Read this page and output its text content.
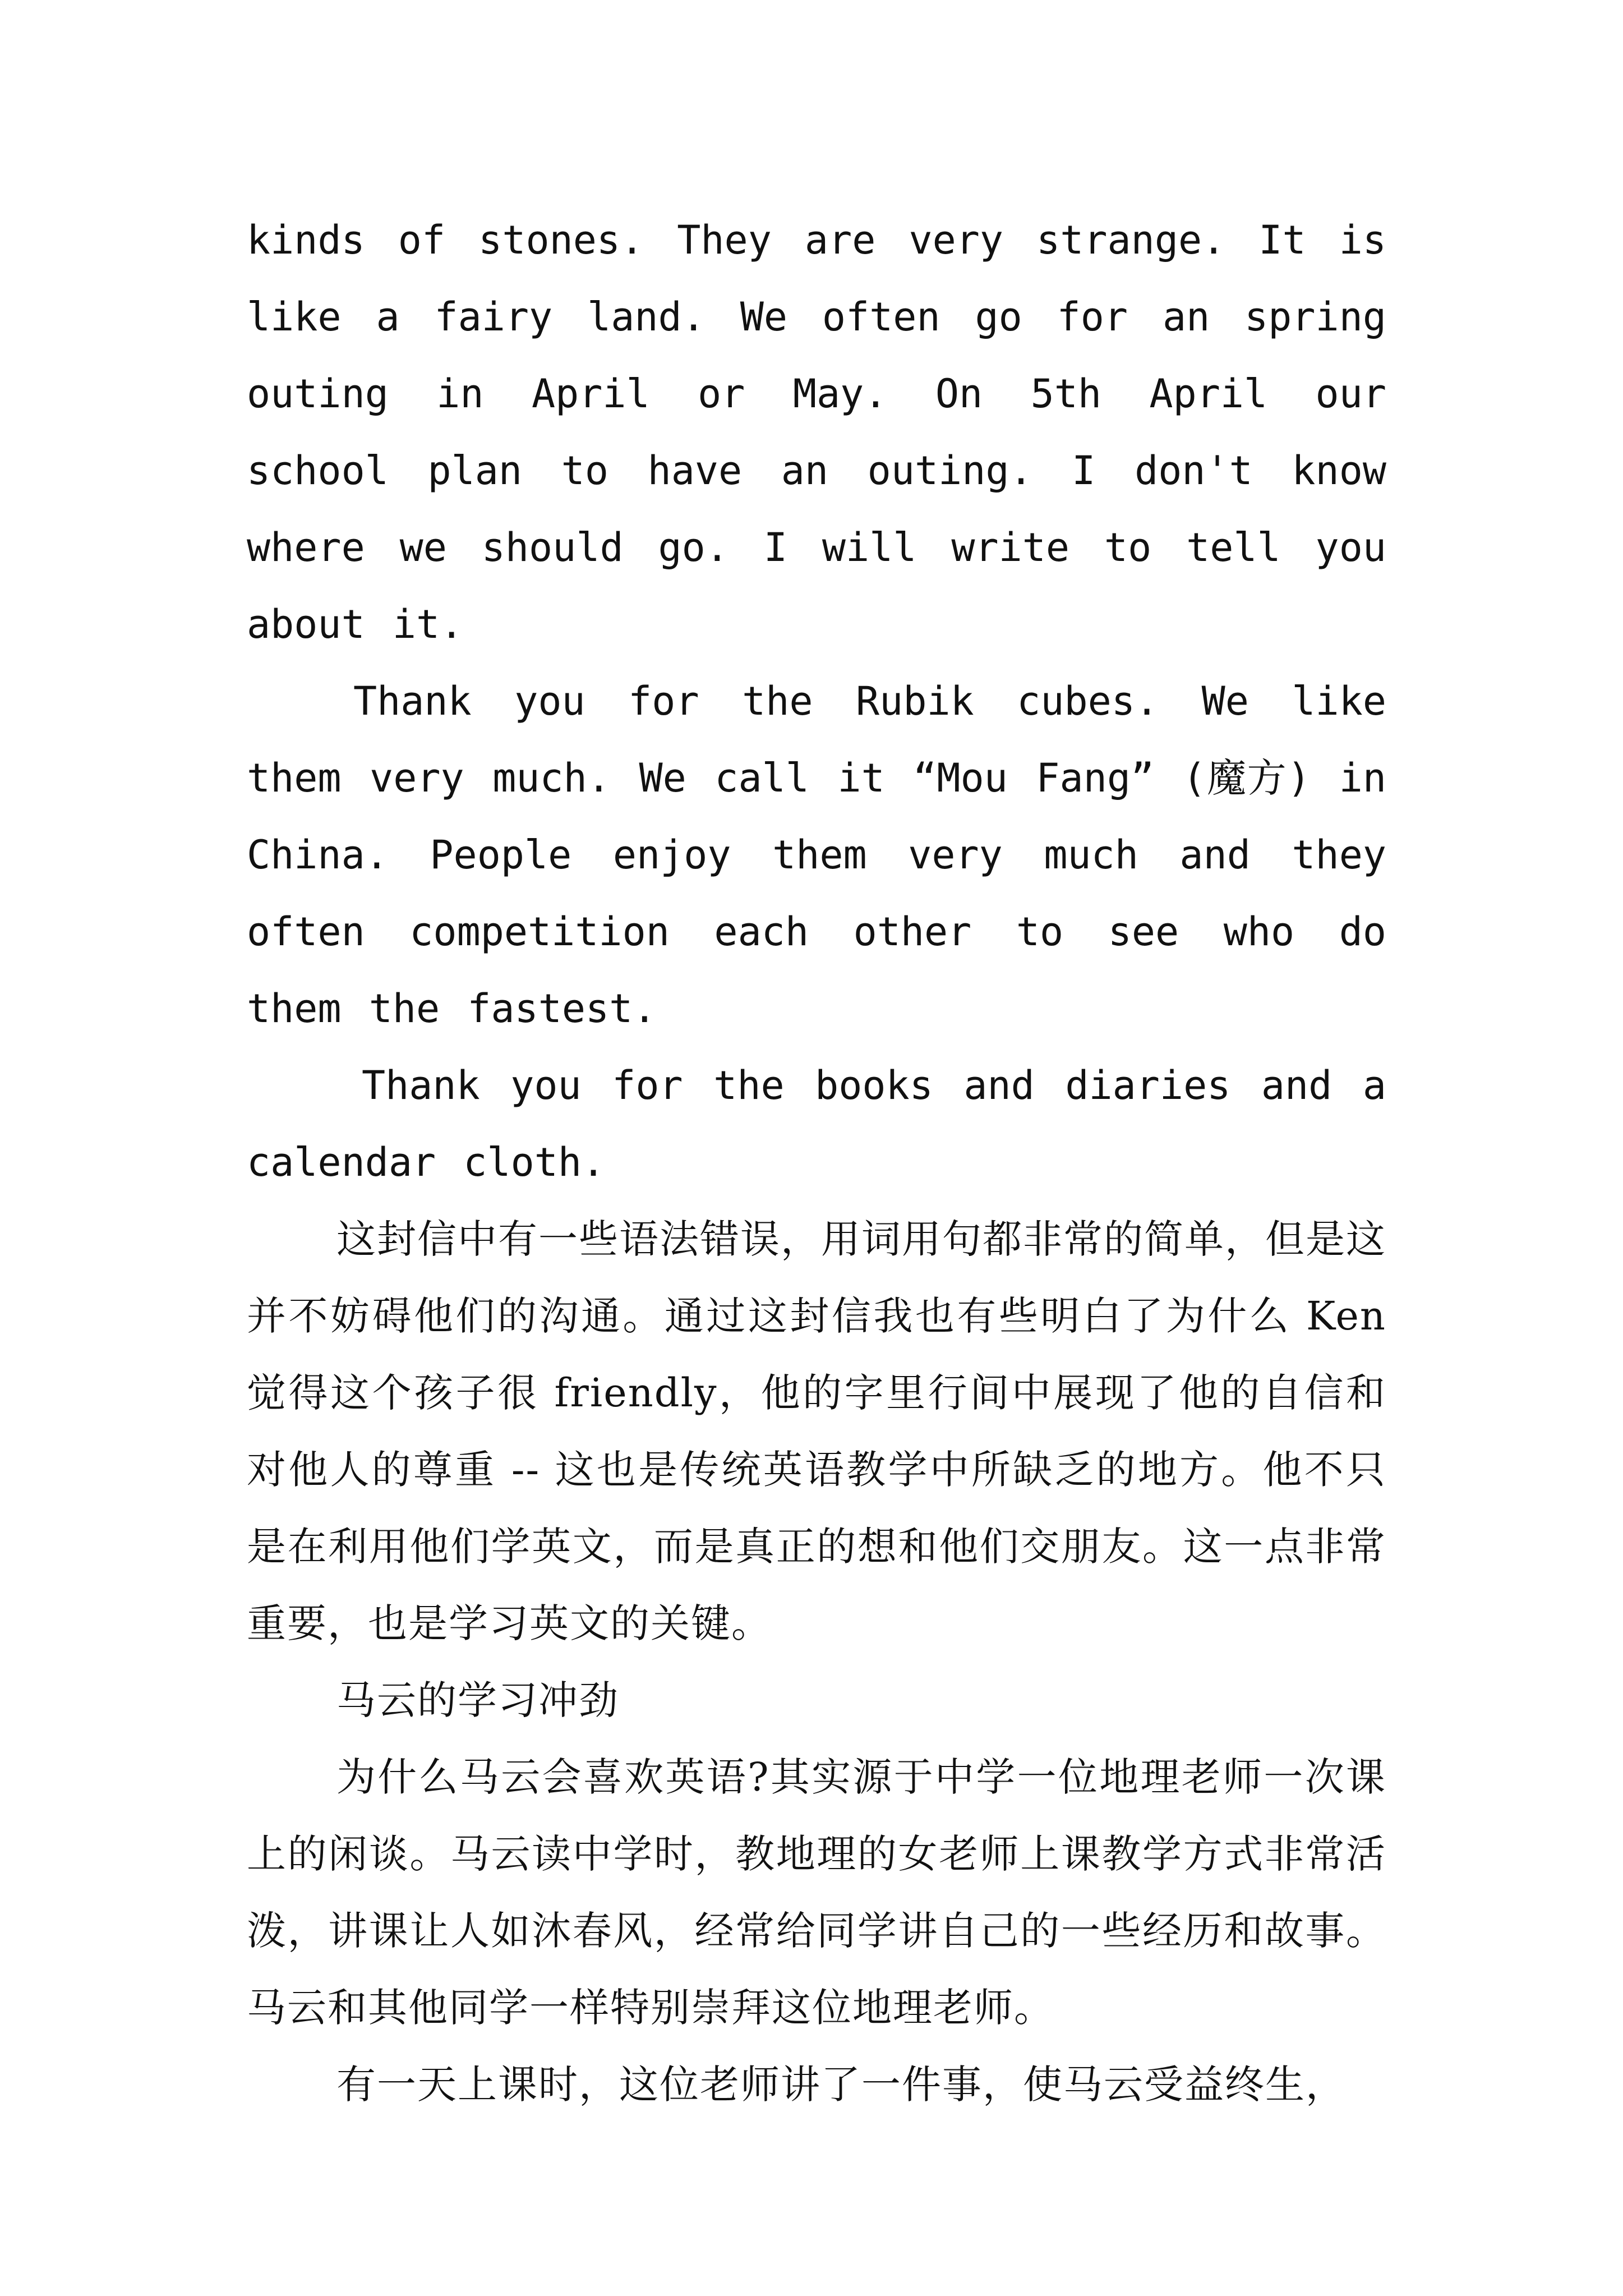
kinds of stones. They are very strange. It is like a fairy land. We often go for an spring outing in April or May. On 5th April our school plan to have an outing. I don't know where we should go. I will write to tell you about it.

Thank you for the Rubik cubes. We like them very much. We call it “Mou Fang” (魔方) in China. People enjoy them very much and they often competition each other to see who do them the fastest.

Thank you for the books and diaries and a calendar cloth.

这封信中有一些语法错误，用词用句都非常的简单，但是这并不妨碍他们的沟通。通过这封信我也有些明白了为什么 Ken 觉得这个孩子很 friendly，他的字里行间中展现了他的自信和对他人的尊重 -- 这也是传统英语教学中所缺乏的地方。他不只是在利用他们学英文，而是真正的想和他们交朋友。这一点非常重要，也是学习英文的关键。

马云的学习冲劲

为什么马云会喜欢英语?其实源于中学一位地理老师一次课上的闲谈。马云读中学时，教地理的女老师上课教学方式非常活泼，讲课让人如沐春风，经常给同学讲自己的一些经历和故事。马云和其他同学一样特别崇拜这位地理老师。

有一天上课时，这位老师讲了一件事，使马云受益终生，
